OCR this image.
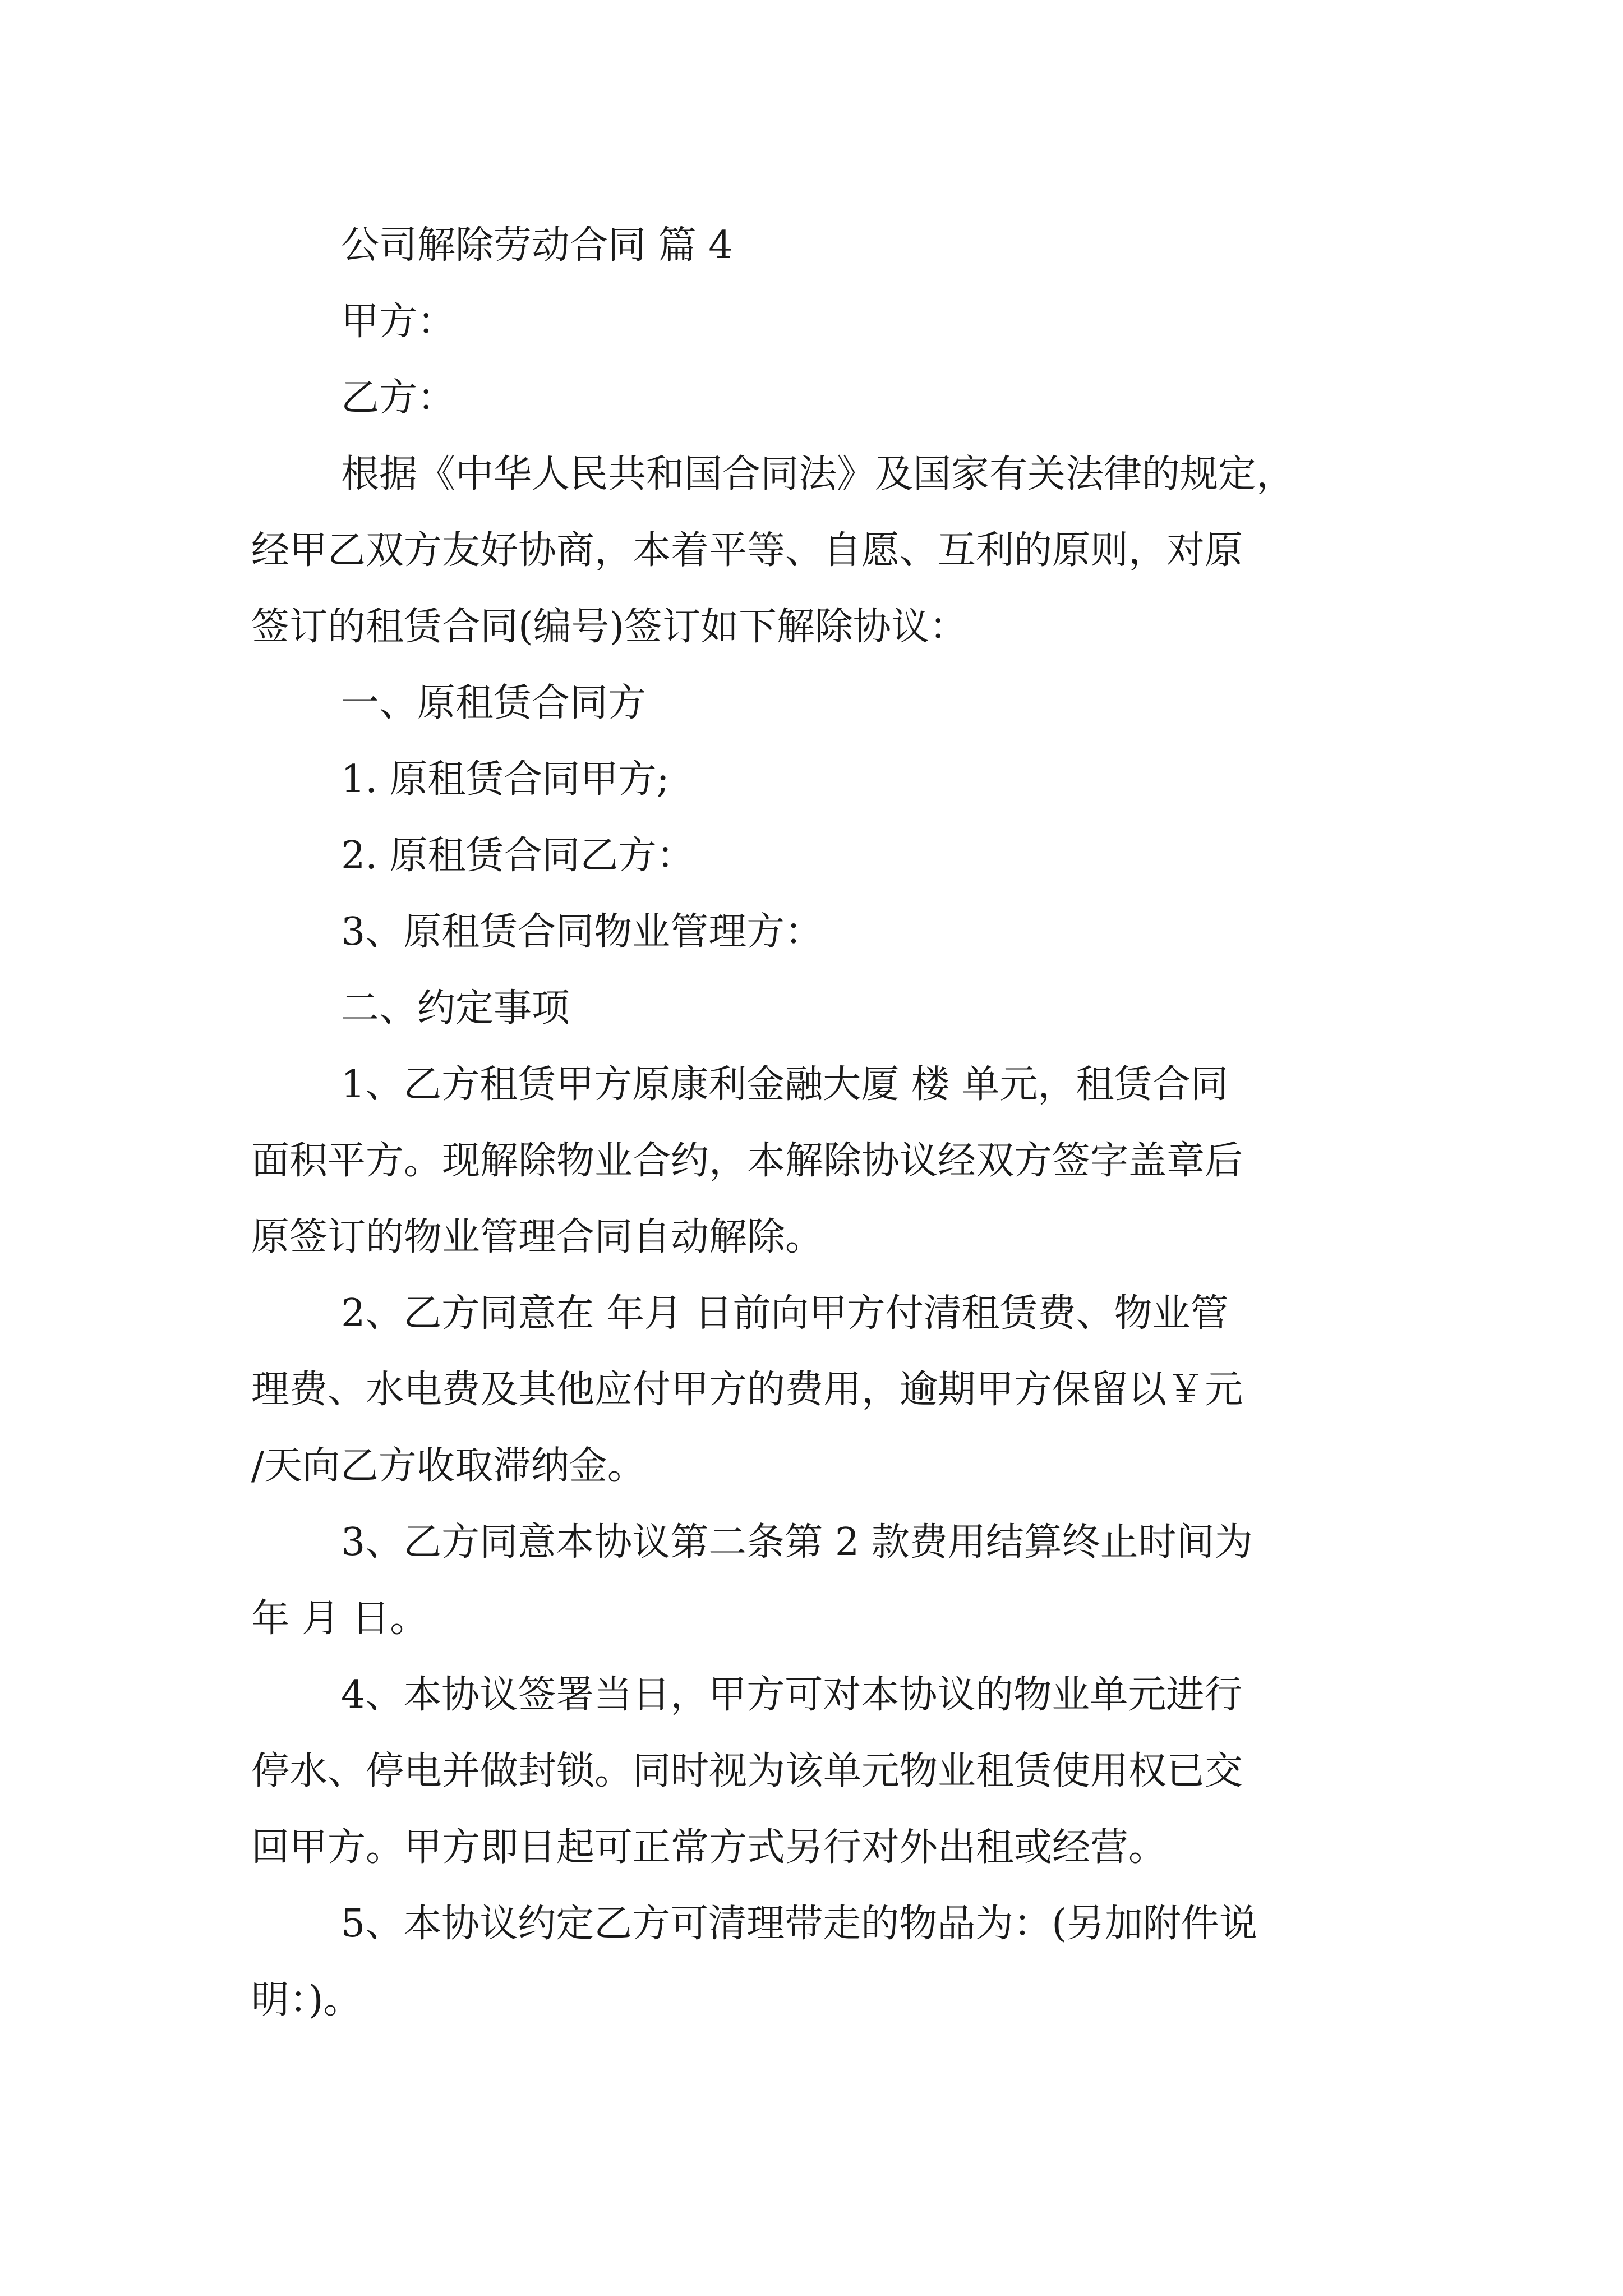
公司解除劳动合同 篇 4
甲方：
乙方：
根据《中华人民共和国合同法》及国家有关法律的规定，
经甲乙双方友好协商，本着平等、自愿、互利的原则，对原
签订的租赁合同(编号)签订如下解除协议：
一、原租赁合同方
1. 原租赁合同甲方;
2. 原租赁合同乙方：
3、原租赁合同物业管理方：
二、约定事项
1、乙方租赁甲方原康利金融大厦 楼 单元，租赁合同
面积平方。现解除物业合约，本解除协议经双方签字盖章后
原签订的物业管理合同自动解除。
2、乙方同意在 年月 日前向甲方付清租赁费、物业管
理费、水电费及其他应付甲方的费用，逾期甲方保留以￥元
/天向乙方收取滞纳金。
3、乙方同意本协议第二条第 2 款费用结算终止时间为
年 月 日。
4、本协议签署当日，甲方可对本协议的物业单元进行
停水、停电并做封锁。同时视为该单元物业租赁使用权已交
回甲方。甲方即日起可正常方式另行对外出租或经营。
5、本协议约定乙方可清理带走的物品为：(另加附件说
明：)。
